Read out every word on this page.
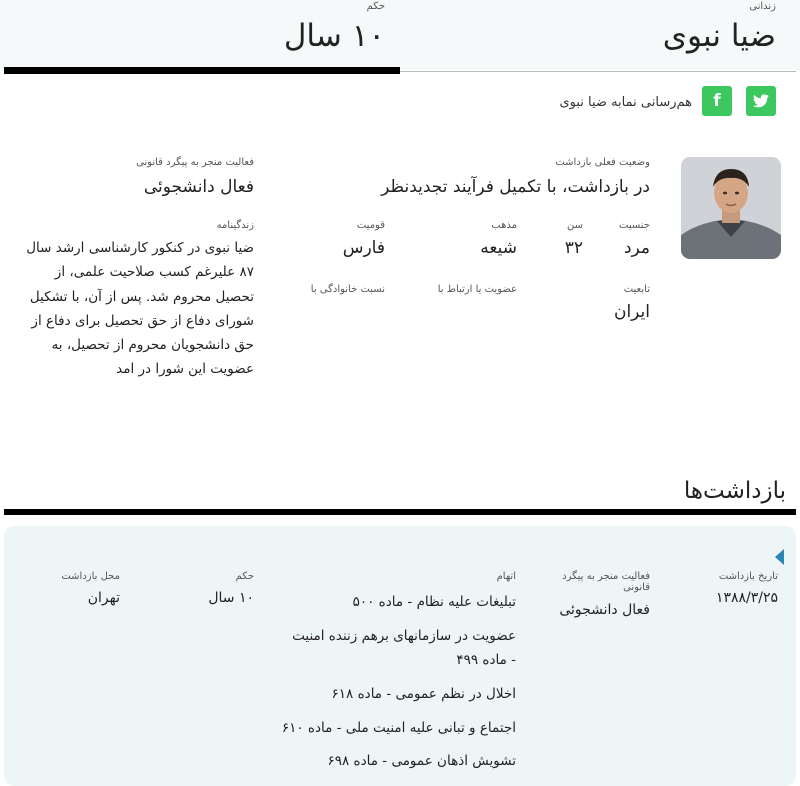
زندانی
ضیا نبوی
حکم
۱۰ سال
f
هم‌رسانی نمابه ضیا نبوی
وضعیت فعلی بازداشت
در بازداشت، با تکمیل فرآیند تجدیدنظر
فعالیت منجر به پیگرد قانونی
فعال دانشجوئی
جنسیت
مرد
سن
۳۲
مذهب
شیعه
قومیت
فارس
تابعیت
ایران
عضویت یا ارتباط با
نسبت خانوادگی با
زندگینامه
ضیا نبوی در کنکور کارشناسی ارشد سال ۸۷ علیرغم کسب صلاحیت علمی، از تحصیل محروم شد. پس از آن، با تشکیل شورای دفاع از حق تحصیل برای دفاع از حق دانشجویان محروم از تحصیل، به عضویت این شورا در امد
بازداشت‌ها
تاریخ بازداشت
۱۳۸۸/۳/۲۵
فعالیت منجر به پیگرد قانونی
فعال دانشجوئی
اتهام
تبلیغات علیه نظام - ماده ۵۰۰
عضویت در سازمانهای برهم زننده امنیت - ماده ۴۹۹
اخلال در نظم عمومی - ماده ۶۱۸
اجتماع و تبانی علیه امنیت ملی - ماده ۶۱۰
تشویش اذهان عمومی - ماده ۶۹۸
حکم
۱۰ سال
محل بازداشت
تهران
